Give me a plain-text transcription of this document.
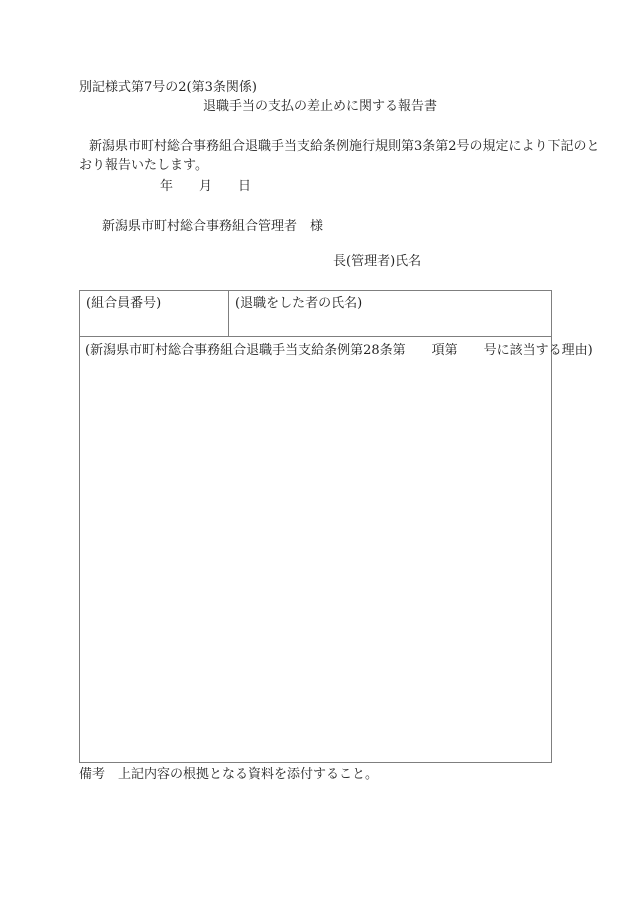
別記様式第7号の2(第3条関係)
退職手当の支払の差止めに関する報告書
新潟県市町村総合事務組合退職手当支給条例施行規則第3条第2号の規定により下記のと
おり報告いたします。
年　　月　　日
新潟県市町村総合事務組合管理者　様
長(管理者)氏名
(組合員番号)	(退職をした者の氏名)
(新潟県市町村総合事務組合退職手当支給条例第28条第　　項第　　号に該当する理由)
備考　上記内容の根拠となる資料を添付すること。
